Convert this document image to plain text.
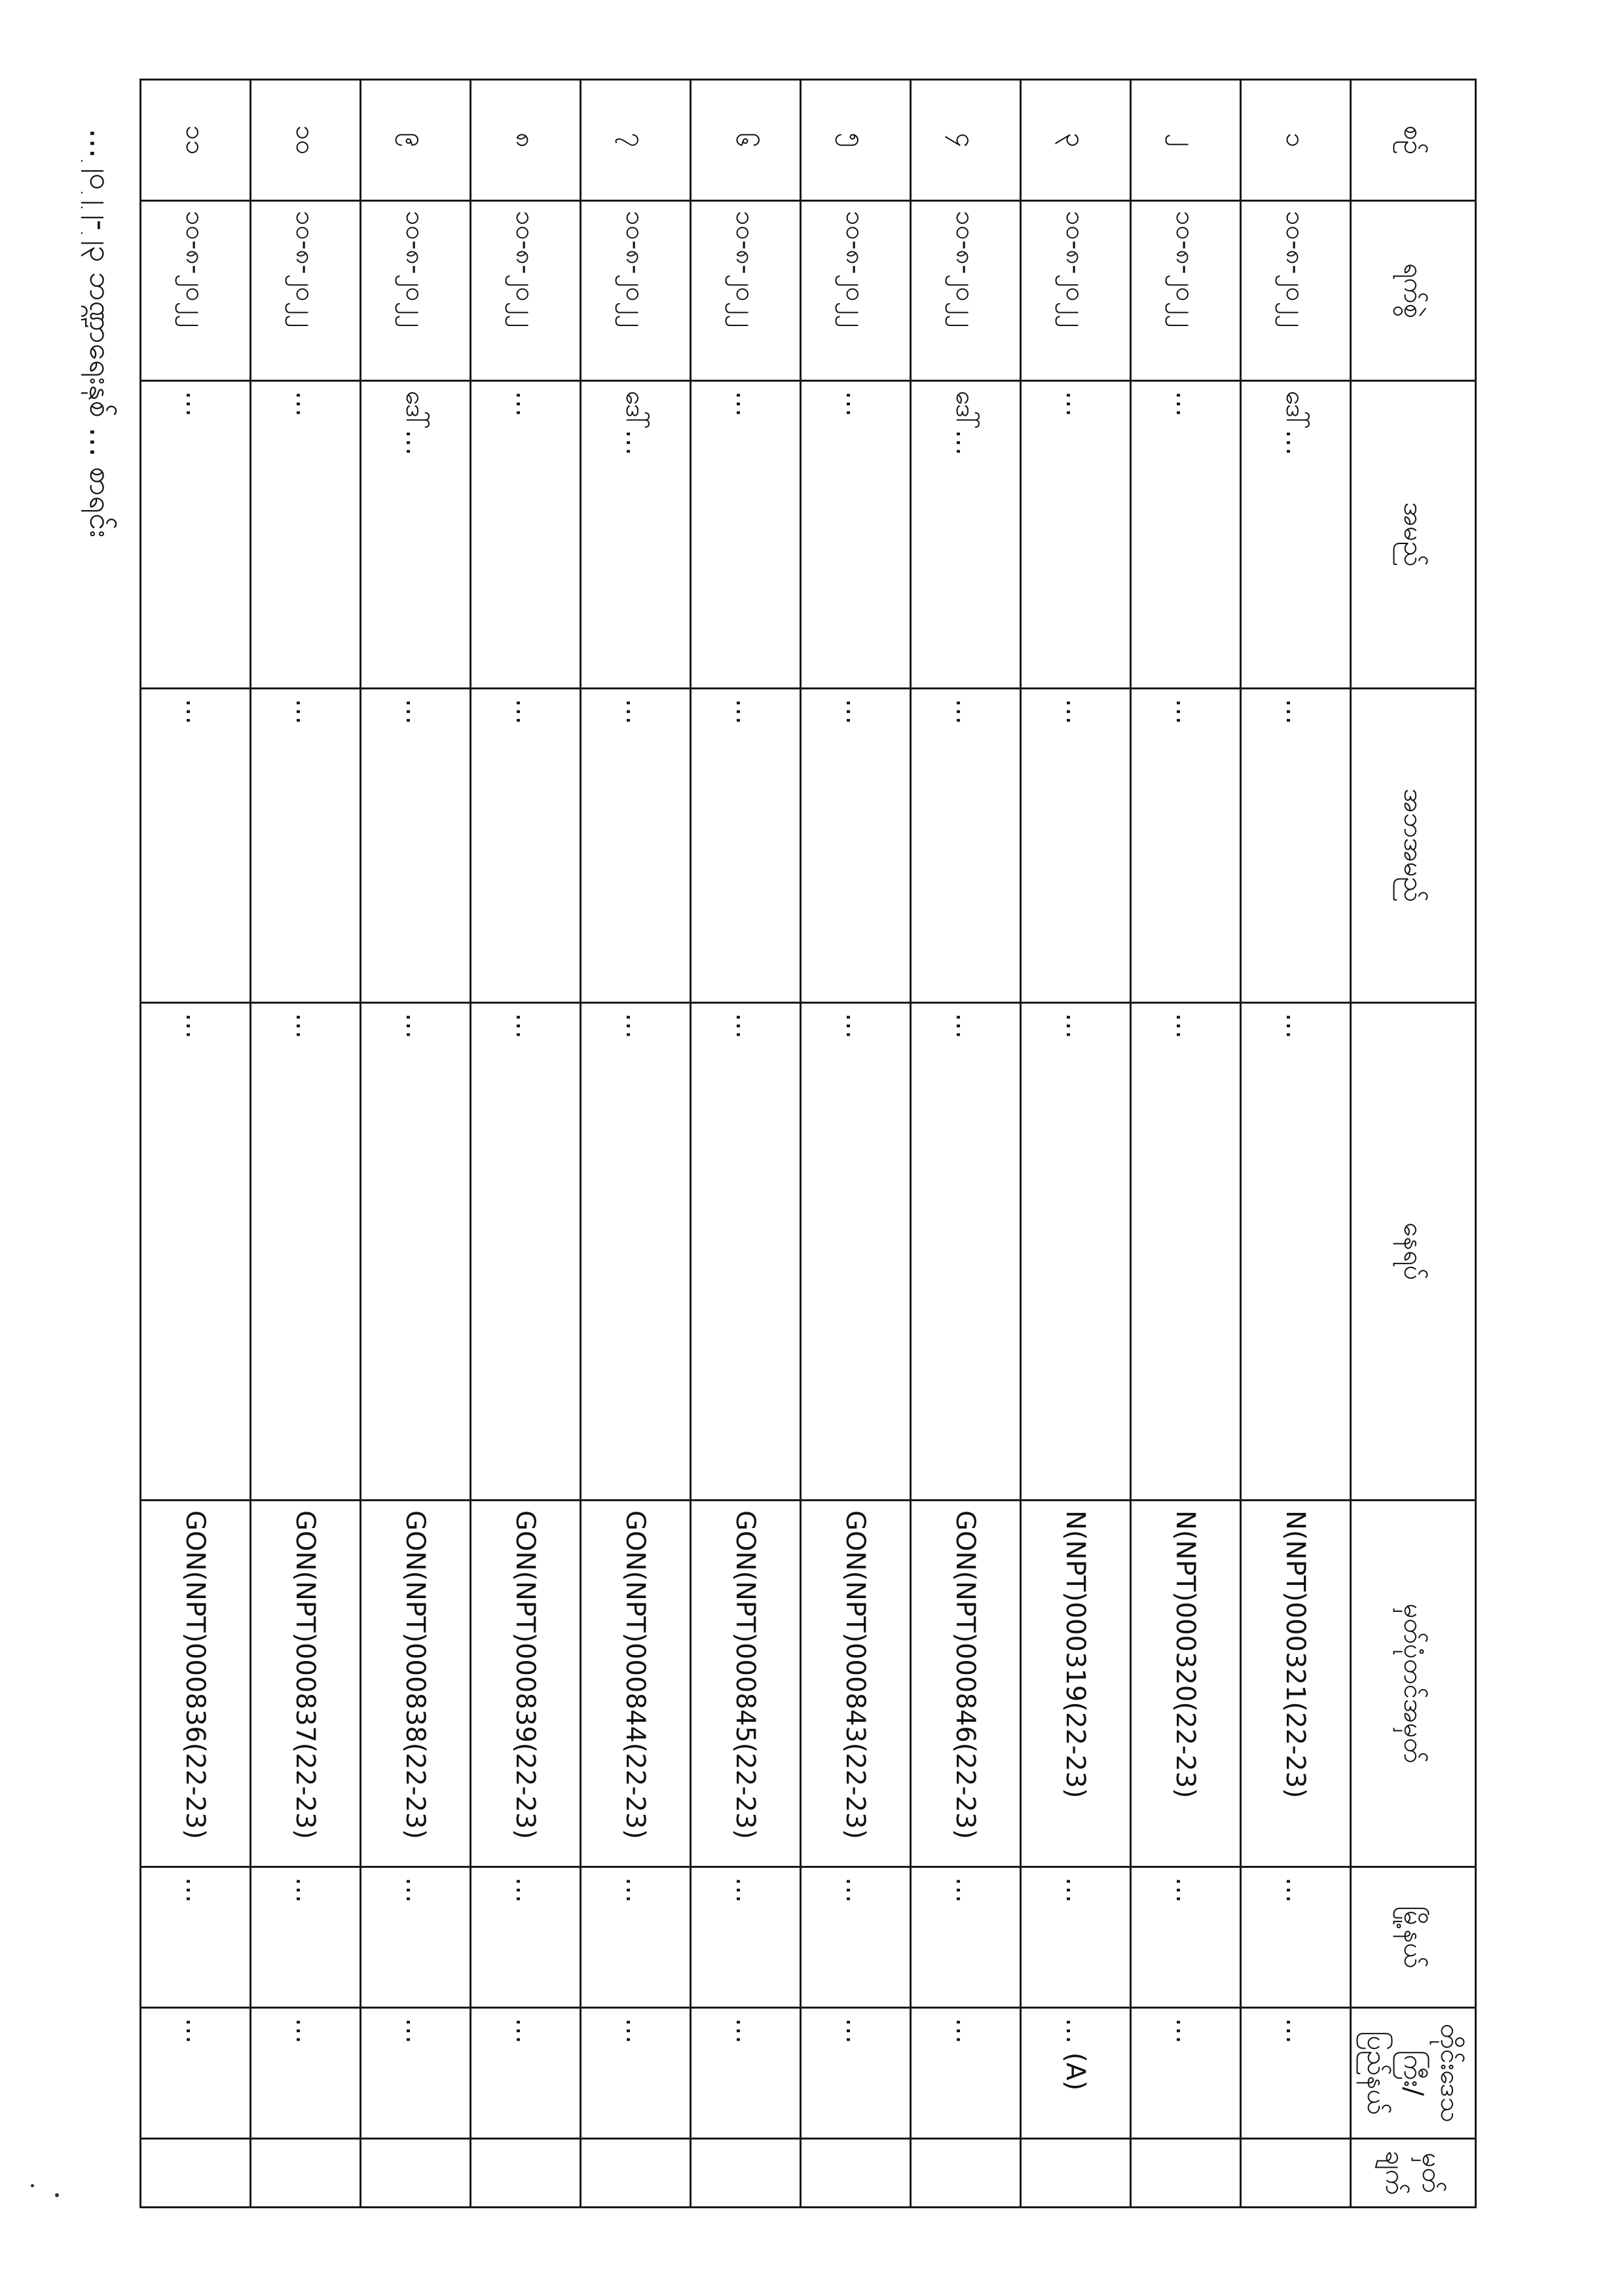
…၂၀၂၂-၂၃ ဘဏ္ဍာရေးနှစ် … စာရင်း	စဉ်	ရက်စွဲ	အမည်	အဘအမည်	နေရပ်	မှတ်ပုံတင်အမှတ်	မြို့နယ်	တိုင်းဒေသကြီး/
ပြည်နယ်	မှတ်
ချက်

၁	၁၀-၈-၂၀၂၂	ဒေါ်…	…	…	N(NPT)000321(22-23)	…	…	
၂	၁၀-၈-၂၀၂၂	…	…	…	N(NPT)000320(22-23)	…	…	
၃	၁၀-၈-၂၀၂၂	…	…	…	N(NPT)000319(22-23)	…	… (A)	
၄	၁၀-၈-၂၀၂၂	ဒေါ်…	…	…	GON(NPT)000846(22-23)	…	…	
၅	၁၀-၈-၂၀၂၂	…	…	…	GON(NPT)000843(22-23)	…	…	
၆	၁၀-၈-၂၀၂၂	…	…	…	GON(NPT)000845(22-23)	…	…	
၇	၁၀-၈-၂၀၂၂	ဒေါ်…	…	…	GON(NPT)000844(22-23)	…	…	
၈	၁၀-၈-၂၀၂၂	…	…	…	GON(NPT)000839(22-23)	…	…	
၉	၁၀-၈-၂၀၂၂	ဒေါ်…	…	…	GON(NPT)000838(22-23)	…	…	
၁၀	၁၀-၈-၂၀၂၂	…	…	…	GON(NPT)000837(22-23)	…	…	
၁၁	၁၀-၈-၂၀၂၂	…	…	…	GON(NPT)000836(22-23)	…	…	
